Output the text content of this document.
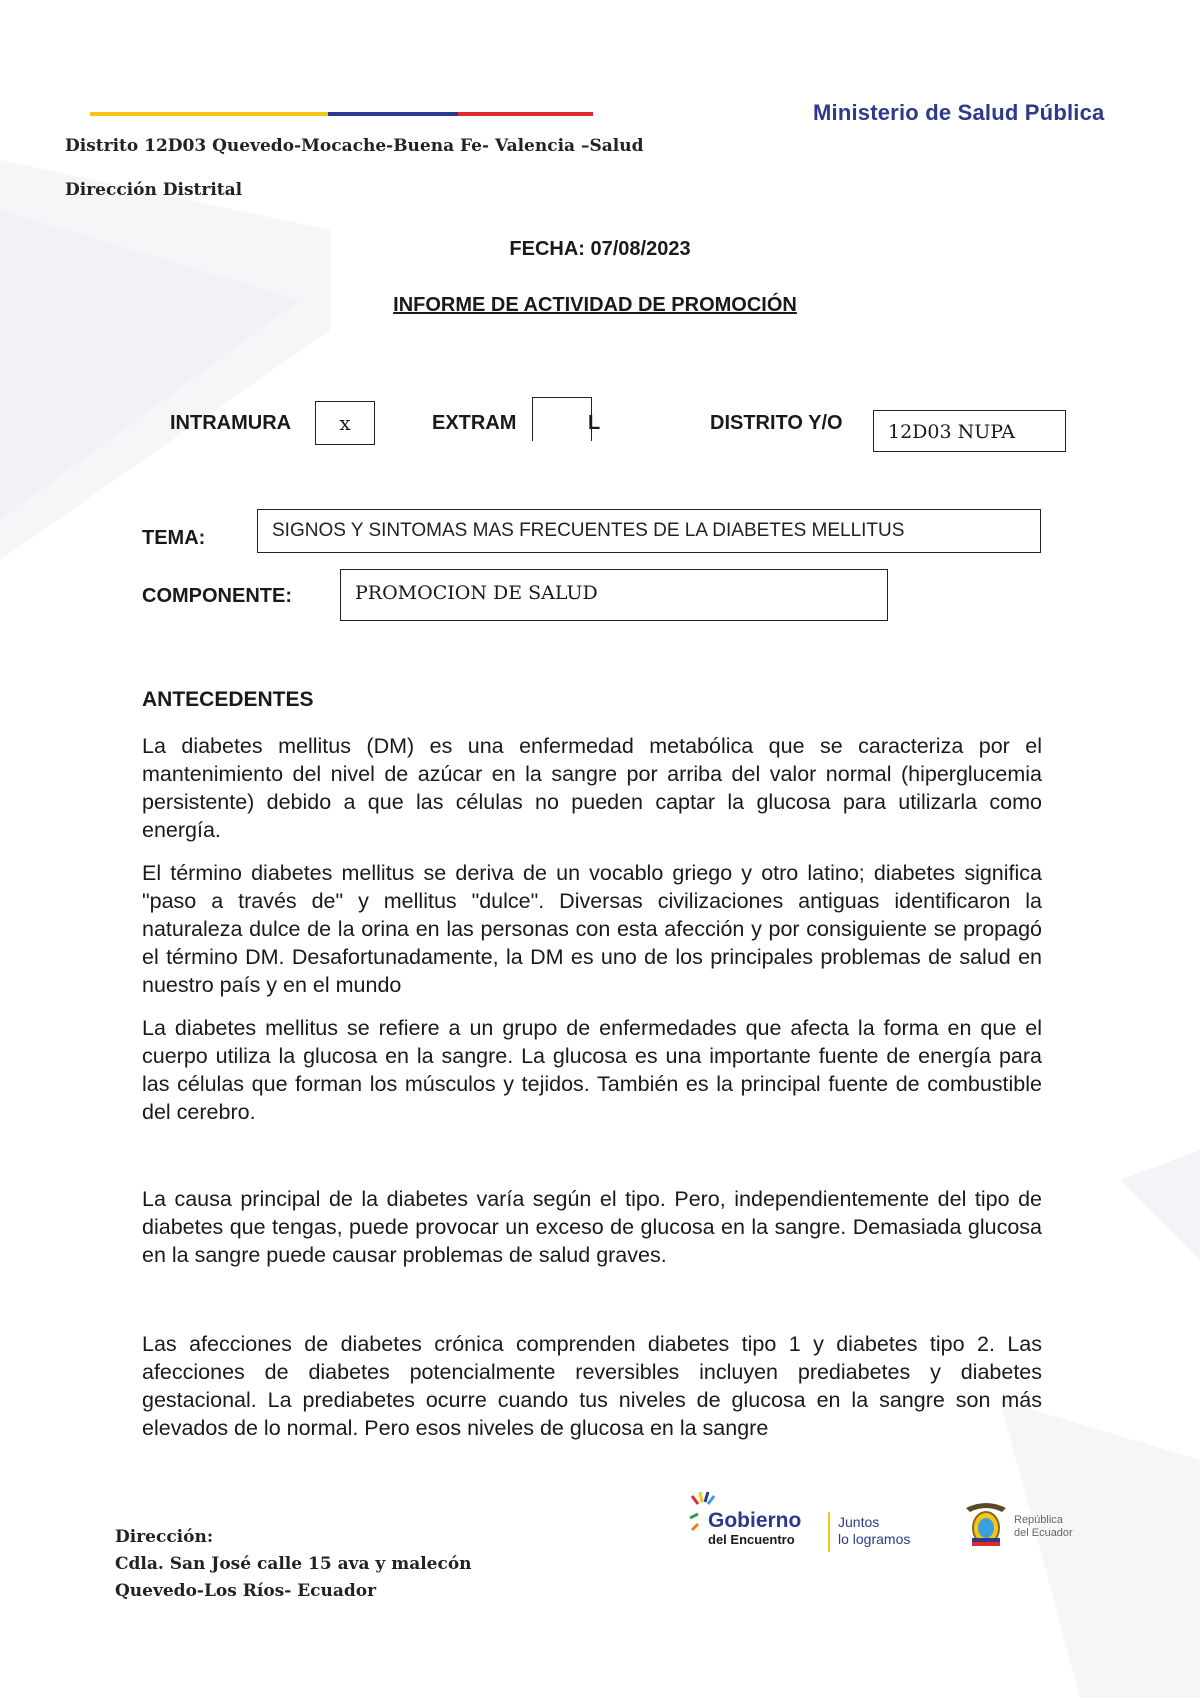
Ministerio de Salud Pública
Distrito 12D03 Quevedo-Mocache-Buena Fe- Valencia –Salud
Dirección Distrital
FECHA: 07/08/2023
INFORME DE ACTIVIDAD DE PROMOCIÓN
INTRAMURA	x	EXTRAM	L	DISTRITO Y/O	12D03 NUPA
TEMA:	SIGNOS Y SINTOMAS MAS FRECUENTES DE LA DIABETES MELLITUS
COMPONENTE:	PROMOCION DE SALUD
ANTECEDENTES

La diabetes mellitus (DM) es una enfermedad metabólica que se caracteriza por el mantenimiento del nivel de azúcar en la sangre por arriba del valor normal (hiperglucemia persistente) debido a que las células no pueden captar la glucosa para utilizarla como energía.

El término diabetes mellitus se deriva de un vocablo griego y otro latino; diabetes significa "paso a través de" y mellitus "dulce". Diversas civilizaciones antiguas identificaron la naturaleza dulce de la orina en las personas con esta afección y por consiguiente se propagó el término DM. Desafortunadamente, la DM es uno de los principales problemas de salud en nuestro país y en el mundo

La diabetes mellitus se refiere a un grupo de enfermedades que afecta la forma en que el cuerpo utiliza la glucosa en la sangre. La glucosa es una importante fuente de energía para las células que forman los músculos y tejidos. También es la principal fuente de combustible del cerebro.

La causa principal de la diabetes varía según el tipo. Pero, independientemente del tipo de diabetes que tengas, puede provocar un exceso de glucosa en la sangre. Demasiada glucosa en la sangre puede causar problemas de salud graves.

Las afecciones de diabetes crónica comprenden diabetes tipo 1 y diabetes tipo 2. Las afecciones de diabetes potencialmente reversibles incluyen prediabetes y diabetes gestacional. La prediabetes ocurre cuando tus niveles de glucosa en la sangre son más elevados de lo normal. Pero esos niveles de glucosa en la sangre

Dirección:
Cdla. San José calle 15 ava y malecón
Quevedo-Los Ríos- Ecuador
Gobierno
del Encuentro
Juntos
lo logramos
República
del Ecuador
